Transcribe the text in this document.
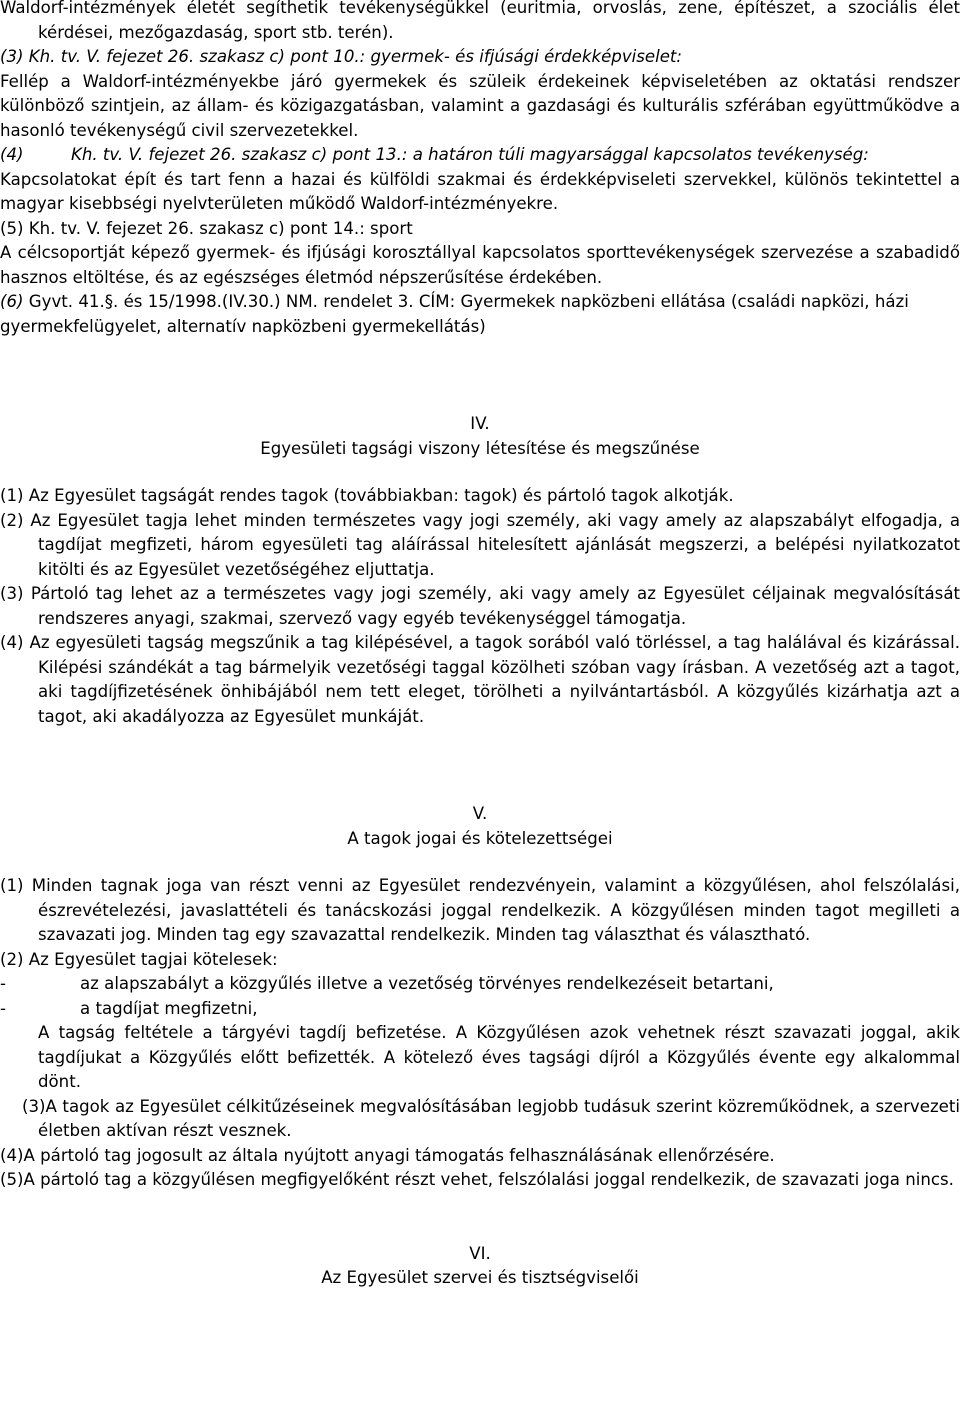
Waldorf-intézmények életét segíthetik tevékenységükkel (euritmia, orvoslás, zene, építészet, a szociális élet kérdései, mezőgazdaság, sport stb. terén).

(3) Kh. tv. V. fejezet 26. szakasz c) pont 10.: gyermek- és ifjúsági érdekképviselet:

Fellép a Waldorf-intézményekbe járó gyermekek és szüleik érdekeinek képviseletében az oktatási rendszer különböző szintjein, az állam- és közigazgatásban, valamint a gazdasági és kulturális szférában együttműködve a hasonló tevékenységű civil szervezetekkel.

(4)         Kh. tv. V. fejezet 26. szakasz c) pont 13.: a határon túli magyarsággal kapcsolatos tevékenység:

Kapcsolatokat épít és tart fenn a hazai és külföldi szakmai és érdekképviseleti szervekkel, különös tekintettel a magyar kisebbségi nyelvterületen működő Waldorf-intézményekre.

(5) Kh. tv. V. fejezet 26. szakasz c) pont 14.: sport

A célcsoportját képező gyermek- és ifjúsági korosztállyal kapcsolatos sporttevékenységek szervezése a szabadidő hasznos eltöltése, és az egészséges életmód népszerűsítése érdekében.

(6) Gyvt. 41.§. és 15/1998.(IV.30.) NM. rendelet 3. CÍM: Gyermekek napközbeni ellátása (családi napközi, házi gyermekfelügyelet, alternatív napközbeni gyermekellátás)

IV.

Egyesületi tagsági viszony létesítése és megszűnése

(1) Az Egyesület tagságát rendes tagok (továbbiakban: tagok) és pártoló tagok alkotják.

(2) Az Egyesület tagja lehet minden természetes vagy jogi személy, aki vagy amely az alapszabályt elfogadja, a tagdíjat megfizeti, három egyesületi tag aláírással hitelesített ajánlását megszerzi, a belépési nyilatkozatot kitölti és az Egyesület vezetőségéhez eljuttatja.

(3) Pártoló tag lehet az a természetes vagy jogi személy, aki vagy amely az Egyesület céljainak megvalósítását rendszeres anyagi, szakmai, szervező vagy egyéb tevékenységgel támogatja.

(4) Az egyesületi tagság megszűnik a tag kilépésével, a tagok sorából való törléssel, a tag halálával és kizárással. Kilépési szándékát a tag bármelyik vezetőségi taggal közölheti szóban vagy írásban. A vezetőség azt a tagot, aki tagdíjfizetésének önhibájából nem tett eleget, törölheti a nyilvántartásból. A közgyűlés kizárhatja azt a tagot, aki akadályozza az Egyesület munkáját.

V.

A tagok jogai és kötelezettségei

(1) Minden tagnak joga van részt venni az Egyesület rendezvényein, valamint a közgyűlésen, ahol felszólalási, észrevételezési, javaslattételi és tanácskozási joggal rendelkezik. A közgyűlésen minden tagot megilleti a szavazati jog. Minden tag egy szavazattal rendelkezik. Minden tag választhat és választható.

(2) Az Egyesület tagjai kötelesek:

-	az alapszabályt a közgyűlés illetve a vezetőség törvényes rendelkezéseit betartani,
-	a tagdíjat megfizetni,

A tagság feltétele a tárgyévi tagdíj befizetése. A Közgyűlésen azok vehetnek részt szavazati joggal, akik tagdíjukat a Közgyűlés előtt befizették. A kötelező éves tagsági díjról a Közgyűlés évente egy alkalommal dönt.

(3)A tagok az Egyesület célkitűzéseinek megvalósításában legjobb tudásuk szerint közreműködnek, a szervezeti életben aktívan részt vesznek.

(4)A pártoló tag jogosult az általa nyújtott anyagi támogatás felhasználásának ellenőrzésére.

(5)A pártoló tag a közgyűlésen megfigyelőként részt vehet, felszólalási joggal rendelkezik, de szavazati joga nincs.

VI.

Az Egyesület szervei és tisztségviselői
